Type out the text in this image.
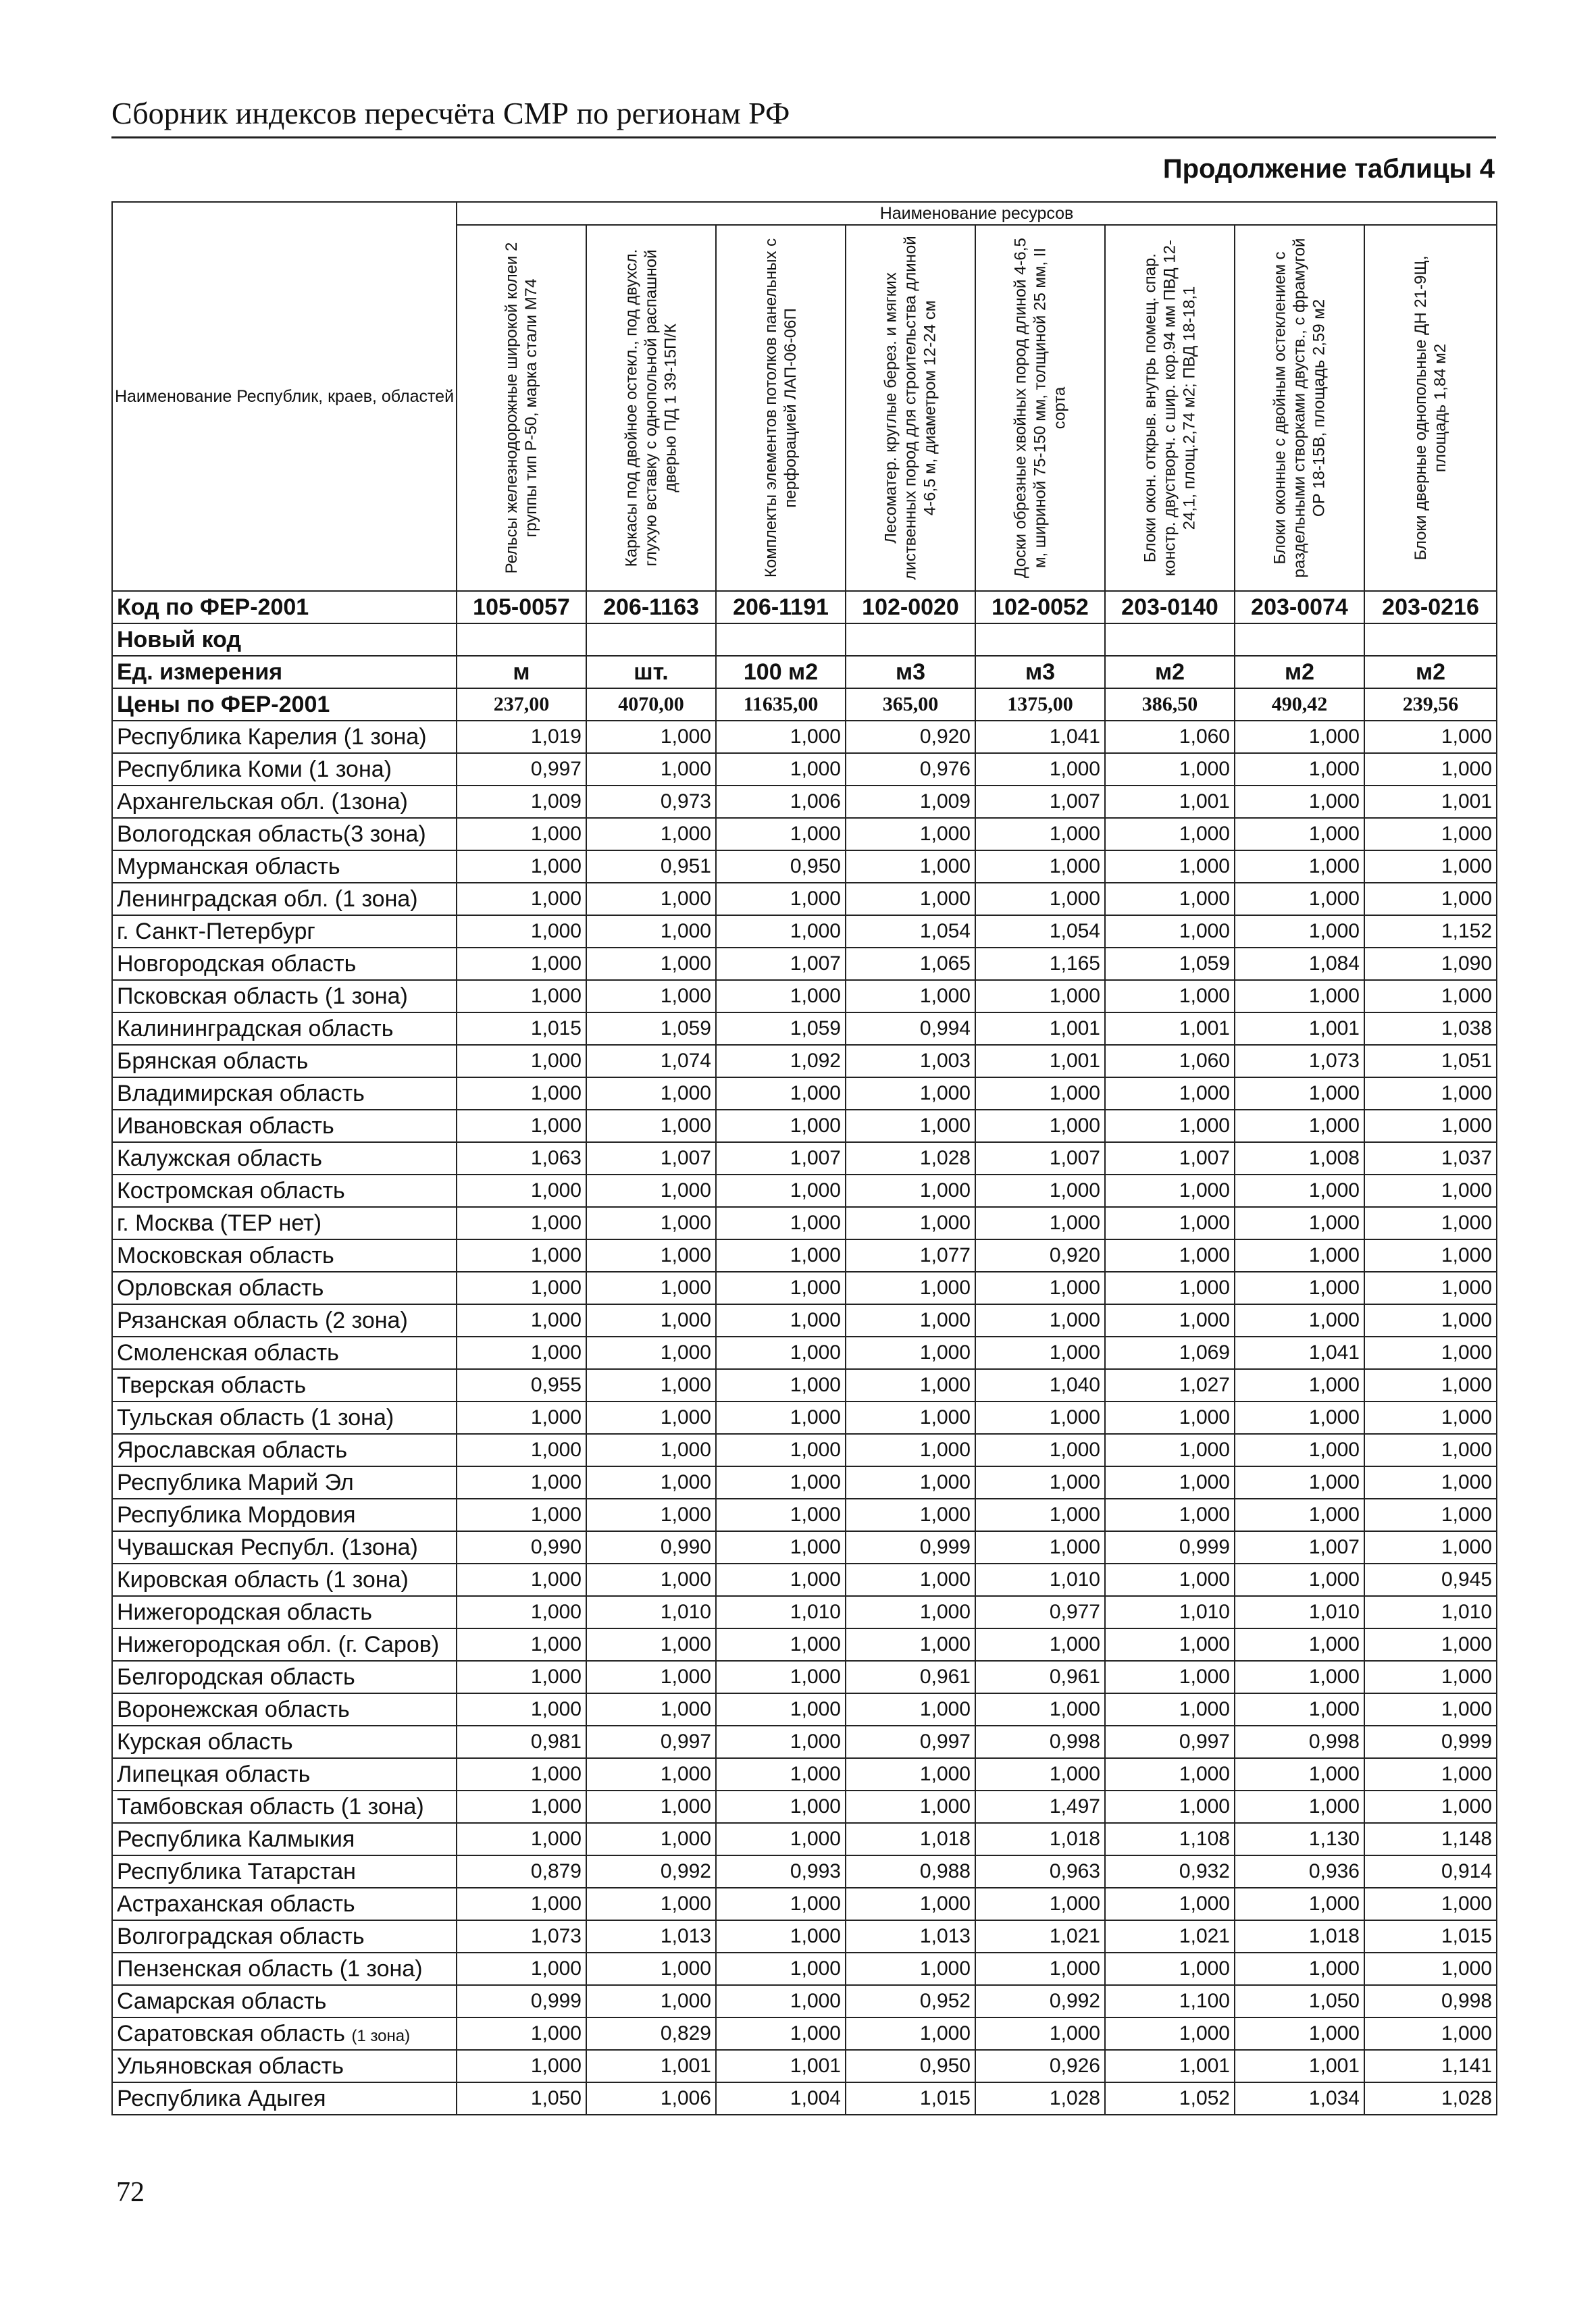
Сборник индексов пересчёта СМР по регионам РФ
Продолжение таблицы 4
Наименование Республик, краев, областей	Наименование ресурсов							

	Рельсы железнодорожные широкой колеи 2 группы тип Р-50, марка стали М74	Каркасы под двойное остекл., под двухсл. глухую вставку с однопольной распашной дверью ПД 1 39-15П/К	Комплекты элементов потолков панельных с перфорацией ЛАП-06-06П	Лесоматер. круглые берез. и мягких лиственных пород для строительства длиной 4-6,5 м, диаметром 12-24 см	Доски обрезные хвойных пород длиной 4-6,5 м, шириной 75-150 мм, толщиной 25 мм, II сорта	Блоки окон. открыв. внутрь помещ. спар. констр. двустворч. с шир. кор.94 мм ПВД 12-24,1, площ.2,74 м2; ПВД 18-18,1	Блоки оконные с двойным остеклением с раздельными створками двуств., с фрамугой ОР 18-15В, площадь 2,59 м2	Блоки дверные однопольные ДН 21-9Щ, площадь 1,84 м2

Код по ФЕР-2001	105-0057	206-1163	206-1191	102-0020	102-0052	203-0140	203-0074	203-0216
Новый код								
Ед. измерения	м	шт.	100 м2	м3	м3	м2	м2	м2
Цены по ФЕР-2001	237,00	4070,00	11635,00	365,00	1375,00	386,50	490,42	239,56
Республика Карелия (1 зона)	1,019	1,000	1,000	0,920	1,041	1,060	1,000	1,000
Республика Коми (1 зона)	0,997	1,000	1,000	0,976	1,000	1,000	1,000	1,000
Архангельская обл. (1зона)	1,009	0,973	1,006	1,009	1,007	1,001	1,000	1,001
Вологодская область(3 зона)	1,000	1,000	1,000	1,000	1,000	1,000	1,000	1,000
Мурманская область	1,000	0,951	0,950	1,000	1,000	1,000	1,000	1,000
Ленинградская обл. (1 зона)	1,000	1,000	1,000	1,000	1,000	1,000	1,000	1,000
г. Санкт-Петербург	1,000	1,000	1,000	1,054	1,054	1,000	1,000	1,152
Новгородская область	1,000	1,000	1,007	1,065	1,165	1,059	1,084	1,090
Псковская область (1 зона)	1,000	1,000	1,000	1,000	1,000	1,000	1,000	1,000
Калининградская область	1,015	1,059	1,059	0,994	1,001	1,001	1,001	1,038
Брянская область	1,000	1,074	1,092	1,003	1,001	1,060	1,073	1,051
Владимирская область	1,000	1,000	1,000	1,000	1,000	1,000	1,000	1,000
Ивановская область	1,000	1,000	1,000	1,000	1,000	1,000	1,000	1,000
Калужская область	1,063	1,007	1,007	1,028	1,007	1,007	1,008	1,037
Костромская область	1,000	1,000	1,000	1,000	1,000	1,000	1,000	1,000
г. Москва (ТЕР нет)	1,000	1,000	1,000	1,000	1,000	1,000	1,000	1,000
Московская область	1,000	1,000	1,000	1,077	0,920	1,000	1,000	1,000
Орловская область	1,000	1,000	1,000	1,000	1,000	1,000	1,000	1,000
Рязанская область (2 зона)	1,000	1,000	1,000	1,000	1,000	1,000	1,000	1,000
Смоленская область	1,000	1,000	1,000	1,000	1,000	1,069	1,041	1,000
Тверская область	0,955	1,000	1,000	1,000	1,040	1,027	1,000	1,000
Тульская область (1 зона)	1,000	1,000	1,000	1,000	1,000	1,000	1,000	1,000
Ярославская область	1,000	1,000	1,000	1,000	1,000	1,000	1,000	1,000
Республика Марий Эл	1,000	1,000	1,000	1,000	1,000	1,000	1,000	1,000
Республика Мордовия	1,000	1,000	1,000	1,000	1,000	1,000	1,000	1,000
Чувашская Республ. (1зона)	0,990	0,990	1,000	0,999	1,000	0,999	1,007	1,000
Кировская область (1 зона)	1,000	1,000	1,000	1,000	1,010	1,000	1,000	0,945
Нижегородская область	1,000	1,010	1,010	1,000	0,977	1,010	1,010	1,010
Нижегородская обл. (г. Саров)	1,000	1,000	1,000	1,000	1,000	1,000	1,000	1,000
Белгородская область	1,000	1,000	1,000	0,961	0,961	1,000	1,000	1,000
Воронежская область	1,000	1,000	1,000	1,000	1,000	1,000	1,000	1,000
Курская область	0,981	0,997	1,000	0,997	0,998	0,997	0,998	0,999
Липецкая область	1,000	1,000	1,000	1,000	1,000	1,000	1,000	1,000
Тамбовская область (1 зона)	1,000	1,000	1,000	1,000	1,497	1,000	1,000	1,000
Республика Калмыкия	1,000	1,000	1,000	1,018	1,018	1,108	1,130	1,148
Республика Татарстан	0,879	0,992	0,993	0,988	0,963	0,932	0,936	0,914
Астраханская область	1,000	1,000	1,000	1,000	1,000	1,000	1,000	1,000
Волгоградская область	1,073	1,013	1,000	1,013	1,021	1,021	1,018	1,015
Пензенская область (1 зона)	1,000	1,000	1,000	1,000	1,000	1,000	1,000	1,000
Самарская область	0,999	1,000	1,000	0,952	0,992	1,100	1,050	0,998
Саратовская область (1 зона)	1,000	0,829	1,000	1,000	1,000	1,000	1,000	1,000
Ульяновская область	1,000	1,001	1,001	0,950	0,926	1,001	1,001	1,141
Республика Адыгея	1,050	1,006	1,004	1,015	1,028	1,052	1,034	1,028
72
